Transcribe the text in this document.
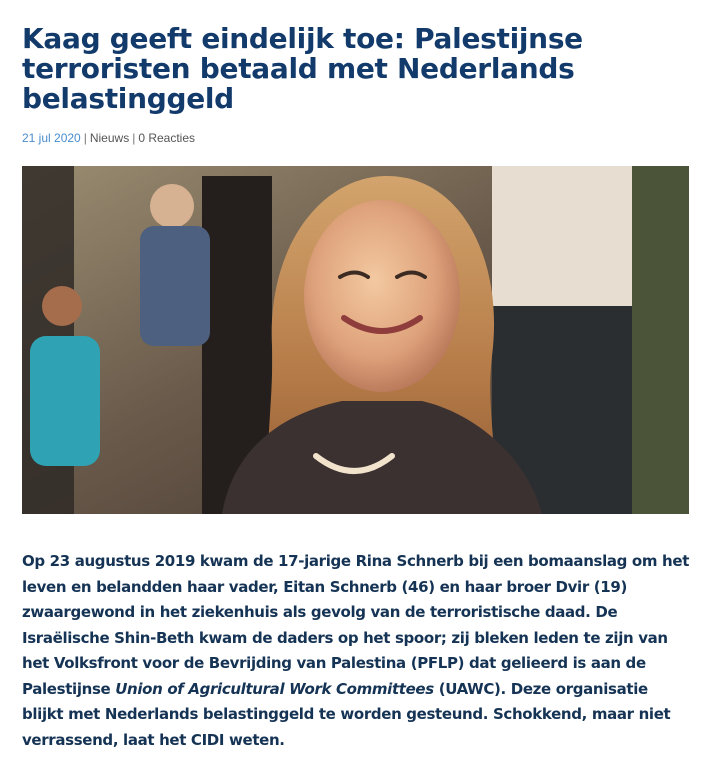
Kaag geeft eindelijk toe: Palestijnse terroristen betaald met Nederlands belastinggeld
21 jul 2020 | Nieuws | 0 Reacties

Op 23 augustus 2019 kwam de 17-jarige Rina Schnerb bij een bomaanslag om het leven en belandden haar vader, Eitan Schnerb (46) en haar broer Dvir (19) zwaargewond in het ziekenhuis als gevolg van de terroristische daad. De Israëlische Shin-Beth kwam de daders op het spoor; zij bleken leden te zijn van het Volksfront voor de Bevrijding van Palestina (PFLP) dat gelieerd is aan de Palestijnse Union of Agricultural Work Committees (UAWC). Deze organisatie blijkt met Nederlands belastinggeld te worden gesteund. Schokkend, maar niet verrassend, laat het CIDI weten.
